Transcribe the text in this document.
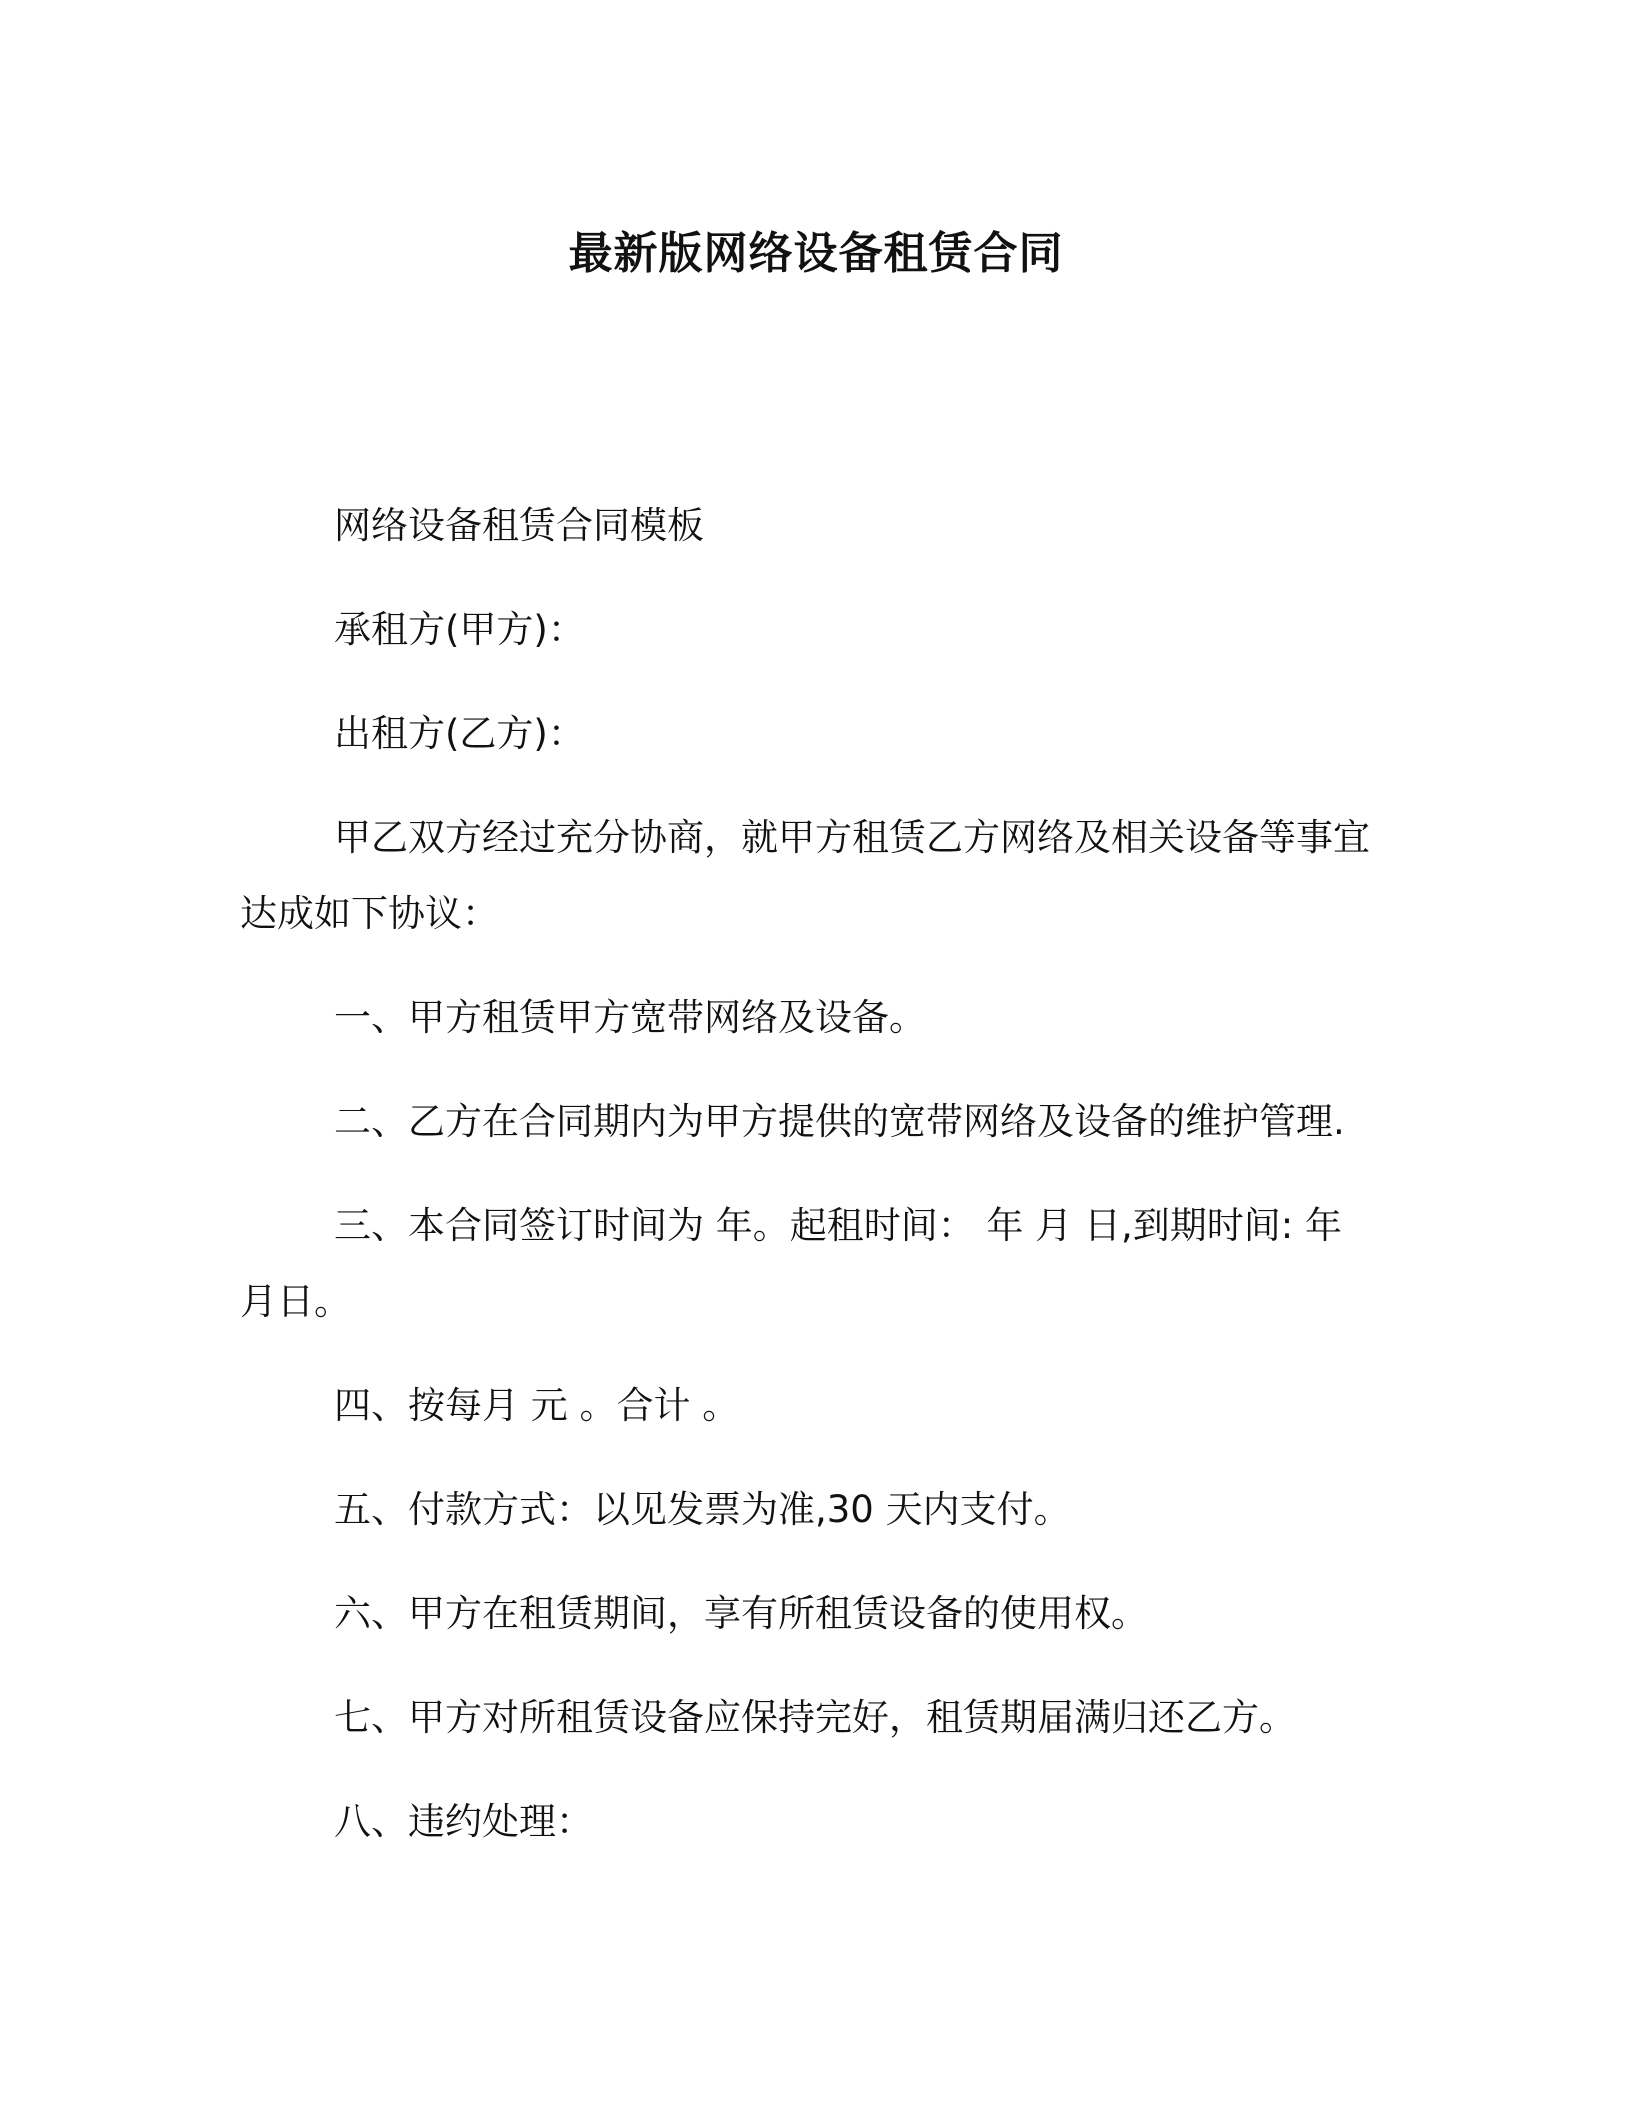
最新版网络设备租赁合同

网络设备租赁合同模板

承租方(甲方)：

出租方(乙方)：

甲乙双方经过充分协商，就甲方租赁乙方网络及相关设备等事宜达成如下协议：

一、甲方租赁甲方宽带网络及设备。

二、乙方在合同期内为甲方提供的宽带网络及设备的维护管理.

三、本合同签订时间为 年。起租时间： 年 月 日,到期时间: 年 月日。

四、按每月 元 。合计 。

五、付款方式：以见发票为准,30 天内支付。

六、甲方在租赁期间，享有所租赁设备的使用权。

七、甲方对所租赁设备应保持完好，租赁期届满归还乙方。

八、违约处理：
